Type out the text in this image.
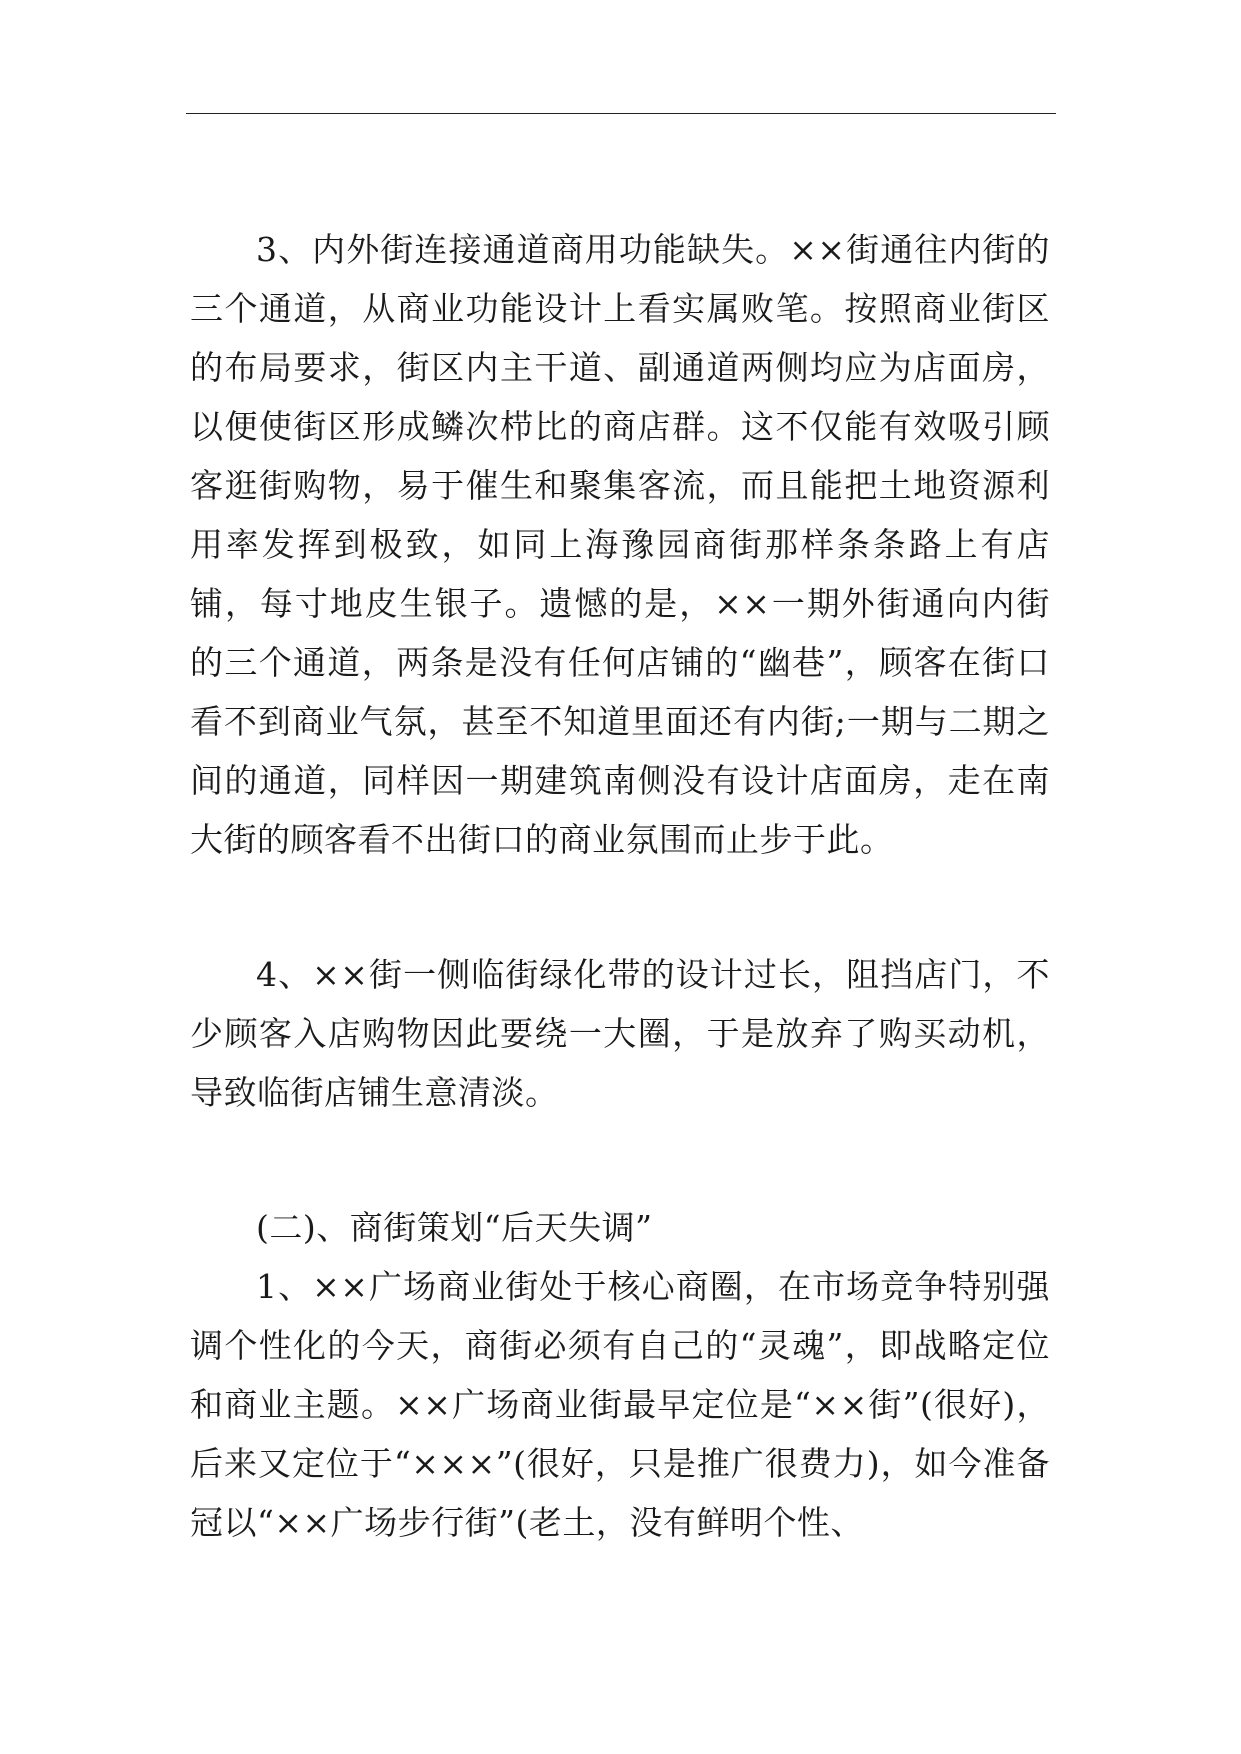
3、内外街连接通道商用功能缺失。××街通往内街的三个通道，从商业功能设计上看实属败笔。按照商业街区的布局要求，街区内主干道、副通道两侧均应为店面房，以便使街区形成鳞次栉比的商店群。这不仅能有效吸引顾客逛街购物，易于催生和聚集客流，而且能把土地资源利用率发挥到极致，如同上海豫园商街那样条条路上有店铺，每寸地皮生银子。遗憾的是，××一期外街通向内街的三个通道，两条是没有任何店铺的“幽巷”，顾客在街口看不到商业气氛，甚至不知道里面还有内街;一期与二期之间的通道，同样因一期建筑南侧没有设计店面房，走在南大街的顾客看不出街口的商业氛围而止步于此。

4、××街一侧临街绿化带的设计过长，阻挡店门，不少顾客入店购物因此要绕一大圈，于是放弃了购买动机，导致临街店铺生意清淡。

(二)、商街策划“后天失调”

1、××广场商业街处于核心商圈，在市场竞争特别强调个性化的今天，商街必须有自己的“灵魂”，即战略定位和商业主题。××广场商业街最早定位是“××街”(很好)，后来又定位于“×××”(很好，只是推广很费力)，如今准备冠以“××广场步行街”(老土，没有鲜明个性、
